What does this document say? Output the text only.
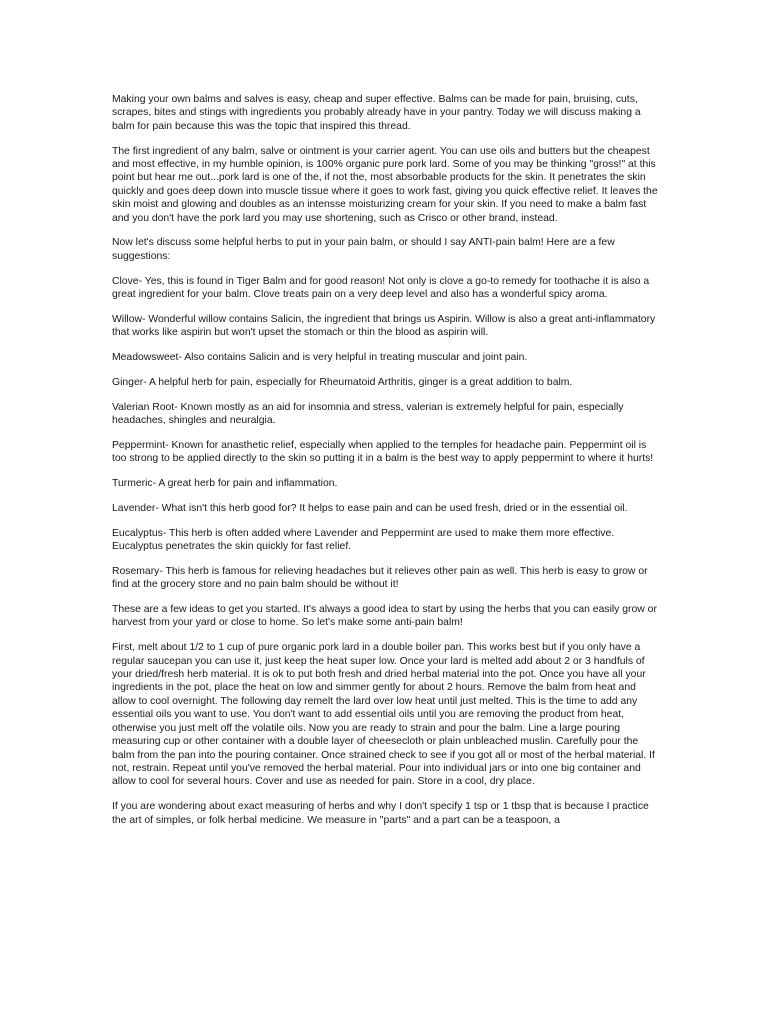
Making your own balms and salves is easy, cheap and super effective. Balms can be made for pain, bruising, cuts, scrapes, bites and stings with ingredients you probably already have in your pantry. Today we will discuss making a balm for pain because this was the topic that inspired this thread.

The first ingredient of any balm, salve or ointment is your carrier agent. You can use oils and butters but the cheapest and most effective, in my humble opinion, is 100% organic pure pork lard. Some of you may be thinking "gross!" at this point but hear me out...pork lard is one of the, if not the, most absorbable products for the skin. It penetrates the skin quickly and goes deep down into muscle tissue where it goes to work fast, giving you quick effective relief. It leaves the skin moist and glowing and doubles as an intensse moisturizing cream for your skin. If you need to make a balm fast and you don't have the pork lard you may use shortening, such as Crisco or other brand, instead.

Now let's discuss some helpful herbs to put in your pain balm, or should I say ANTI-pain balm! Here are a few suggestions:

Clove- Yes, this is found in Tiger Balm and for good reason! Not only is clove a go-to remedy for toothache it is also a great ingredient for your balm. Clove treats pain on a very deep level and also has a wonderful spicy aroma.

Willow- Wonderful willow contains Salicin, the ingredient that brings us Aspirin. Willow is also a great anti-inflammatory that works like aspirin but won't upset the stomach or thin the blood as aspirin will.

Meadowsweet- Also contains Salicin and is very helpful in treating muscular and joint pain.

Ginger- A helpful herb for pain, especially for Rheumatoid Arthritis, ginger is a great addition to balm.

Valerian Root- Known mostly as an aid for insomnia and stress, valerian is extremely helpful for pain, especially headaches, shingles and neuralgia.

Peppermint- Known for anasthetic relief, especially when applied to the temples for headache pain. Peppermint oil is too strong to be applied directly to the skin so putting it in a balm is the best way to apply peppermint to where it hurts!

Turmeric- A great herb for pain and inflammation.

Lavender- What isn't this herb good for? It helps to ease pain and can be used fresh, dried or in the essential oil.

Eucalyptus- This herb is often added where Lavender and Peppermint are used to make them more effective. Eucalyptus penetrates the skin quickly for fast relief.

Rosemary- This herb is famous for relieving headaches but it relieves other pain as well. This herb is easy to grow or find at the grocery store and no pain balm should be without it!

These are a few ideas to get you started. It's always a good idea to start by using the herbs that you can easily grow or harvest from your yard or close to home. So let's make some anti-pain balm!

First, melt about 1/2 to 1 cup of pure organic pork lard in a double boiler pan. This works best but if you only have a regular saucepan you can use it, just keep the heat super low. Once your lard is melted add about 2 or 3 handfuls of your dried/fresh herb material. It is ok to put both fresh and dried herbal material into the pot. Once you have all your ingredients in the pot, place the heat on low and simmer gently for about 2 hours. Remove the balm from heat and allow to cool overnight. The following day remelt the lard over low heat until just melted. This is the time to add any essential oils you want to use. You don't want to add essential oils until you are removing the product from heat, otherwise you just melt off the volatile oils. Now you are ready to strain and pour the balm. Line a large pouring measuring cup or other container with a double layer of cheesecloth or plain unbleached muslin. Carefully pour the balm from the pan into the pouring container. Once strained check to see if you got all or most of the herbal material. If not, restrain. Repeat until you've removed the herbal material. Pour into individual jars or into one big container and allow to cool for several hours. Cover and use as needed for pain. Store in a cool, dry place.

If you are wondering about exact measuring of herbs and why I don't specify 1 tsp or 1 tbsp that is because I practice the art of simples, or folk herbal medicine. We measure in "parts" and a part can be a teaspoon, a
